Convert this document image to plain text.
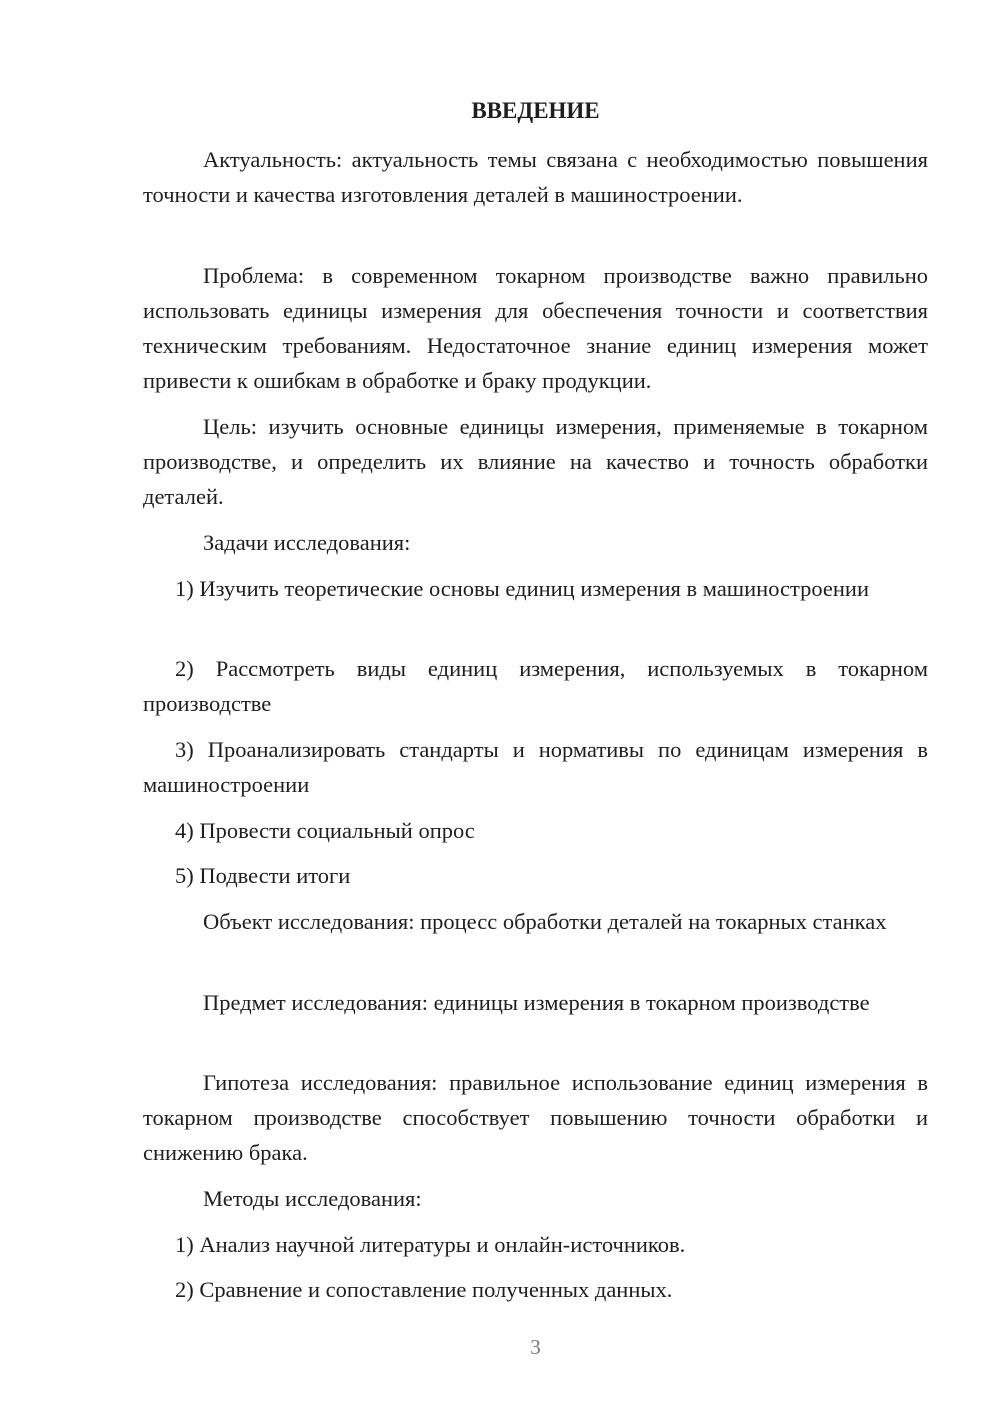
ВВЕДЕНИЕ

Актуальность: актуальность темы связана с необходимостью повышения точности и качества изготовления деталей в машиностроении.

Проблема: в современном токарном производстве важно правильно использовать единицы измерения для обеспечения точности и соответствия техническим требованиям. Недостаточное знание единиц измерения может привести к ошибкам в обработке и браку продукции.

Цель: изучить основные единицы измерения, применяемые в токарном производстве, и определить их влияние на качество и точность обработки деталей.

Задачи исследования:

1) Изучить теоретические основы единиц измерения в машиностроении

2) Рассмотреть виды единиц измерения, используемых в токарном производстве

3) Проанализировать стандарты и нормативы по единицам измерения в машиностроении

4) Провести социальный опрос

5) Подвести итоги

Объект исследования: процесс обработки деталей на токарных станках

Предмет исследования: единицы измерения в токарном производстве

Гипотеза исследования: правильное использование единиц измерения в токарном производстве способствует повышению точности обработки и снижению брака.

Методы исследования:

1) Анализ научной литературы и онлайн-источников.

2) Сравнение и сопоставление полученных данных.

3
